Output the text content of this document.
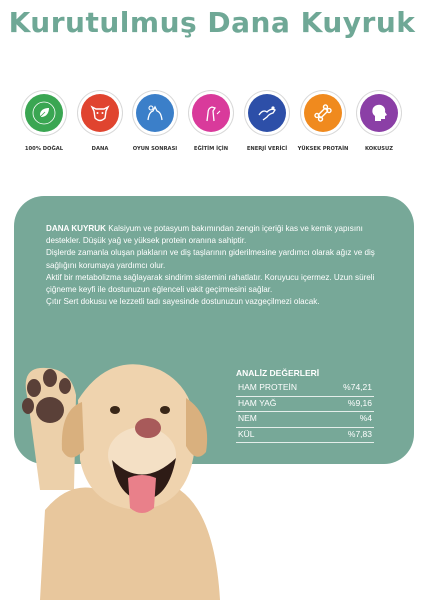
Kurutulmuş Dana Kuyruk
100% DOĞAL	DANA	OYUN SONRASI	EĞİTİM İÇİN	ENERJİ VERİCİ	YÜKSEK PROTAİN	KOKUSUZ

DANA KUYRUK Kalsiyum ve potasyum bakımından zengin içeriği kas ve kemik yapısını destekler. Düşük yağ ve yüksek protein oranına sahiptir.

Dişlerde zamanla oluşan plakların ve diş taşlarının giderilmesine yardımcı olarak ağız ve diş sağlığını korumaya yardımcı olur.

Aktif bir metabolizma sağlayarak sindirim sistemini rahatlatır. Koruyucu içermez. Uzun süreli çiğneme keyfi ile dostunuzun eğlenceli vakit geçirmesini sağlar.

Çıtır Sert dokusu ve lezzetli tadı sayesinde dostunuzun vazgeçilmezi olacak.

ANALİZ DEĞERLERİ
HAM PROTEİN	%74,21
HAM YAĞ	%9,16
NEM	%4
KÜL	%7,83
